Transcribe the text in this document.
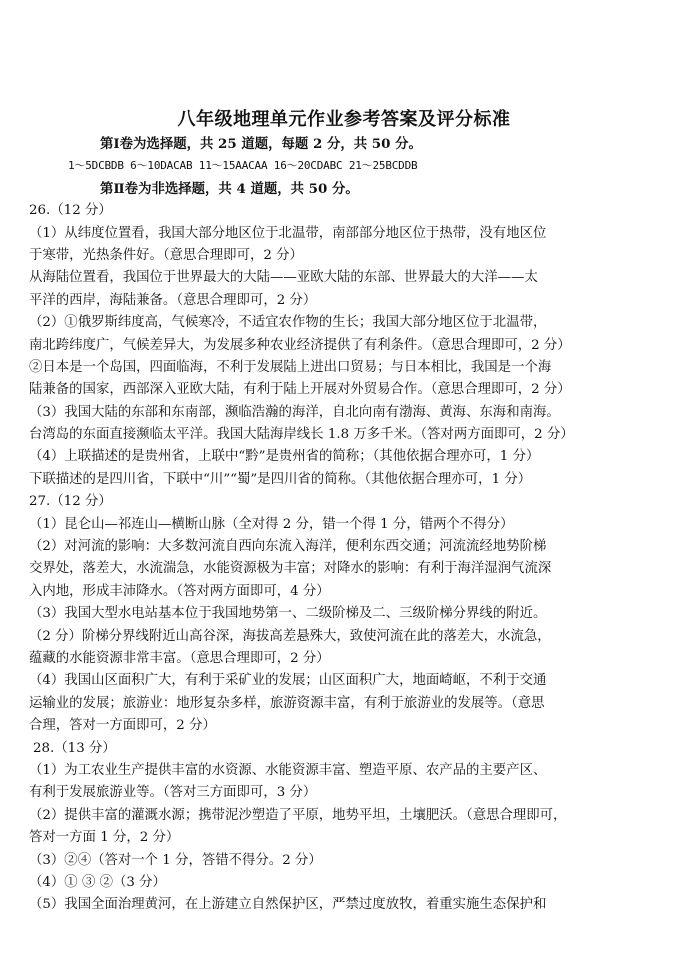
八年级地理单元作业参考答案及评分标准
第Ⅰ卷为选择题，共 25 道题，每题 2 分，共 50 分。
1～5DCBDB 6～10DACAB 11～15AACAA 16～20CDABC 21～25BCDDB
第Ⅱ卷为非选择题，共 4 道题，共 50 分。
26.（12 分）
（1）从纬度位置看，我国大部分地区位于北温带，南部部分地区位于热带，没有地区位
于寒带，光热条件好。（意思合理即可，2 分）
从海陆位置看，我国位于世界最大的大陆——亚欧大陆的东部、世界最大的大洋——太
平洋的西岸，海陆兼备。（意思合理即可，2 分）
（2）①俄罗斯纬度高，气候寒冷，不适宜农作物的生长；我国大部分地区位于北温带，
南北跨纬度广，气候差异大，为发展多种农业经济提供了有利条件。（意思合理即可，2 分）
②日本是一个岛国，四面临海，不利于发展陆上进出口贸易；与日本相比，我国是一个海
陆兼备的国家，西部深入亚欧大陆，有利于陆上开展对外贸易合作。（意思合理即可，2 分）
（3）我国大陆的东部和东南部，濒临浩瀚的海洋，自北向南有渤海、黄海、东海和南海。
台湾岛的东面直接濒临太平洋。我国大陆海岸线长 1.8 万多千米。（答对两方面即可，2 分）
（4）上联描述的是贵州省，上联中“黔”是贵州省的简称；（其他依据合理亦可，1 分）
下联描述的是四川省，下联中“川”“蜀”是四川省的简称。（其他依据合理亦可，1 分）
27.（12 分）
（1）昆仑山—祁连山—横断山脉（全对得 2 分，错一个得 1 分，错两个不得分）
（2）对河流的影响：大多数河流自西向东流入海洋，便利东西交通；河流流经地势阶梯
交界处，落差大，水流湍急，水能资源极为丰富；对降水的影响：有利于海洋湿润气流深
入内地，形成丰沛降水。（答对两方面即可，4 分）
（3）我国大型水电站基本位于我国地势第一、二级阶梯及二、三级阶梯分界线的附近。
（2 分）阶梯分界线附近山高谷深，海拔高差悬殊大，致使河流在此的落差大，水流急，
蕴藏的水能资源非常丰富。（意思合理即可，2 分）
（4）我国山区面积广大，有利于采矿业的发展；山区面积广大，地面崎岖，不利于交通
运输业的发展；旅游业：地形复杂多样，旅游资源丰富，有利于旅游业的发展等。（意思
合理，答对一方面即可，2 分）
28.（13 分）
（1）为工农业生产提供丰富的水资源、水能资源丰富、塑造平原、农产品的主要产区、
有利于发展旅游业等。（答对三方面即可，3 分）
（2）提供丰富的灌溉水源；携带泥沙塑造了平原，地势平坦，土壤肥沃。（意思合理即可，
答对一方面 1 分，2 分）
（3）②④（答对一个 1 分，答错不得分。2 分）
（4）① ③ ②（3 分）
（5）我国全面治理黄河，在上游建立自然保护区，严禁过度放牧，着重实施生态保护和
